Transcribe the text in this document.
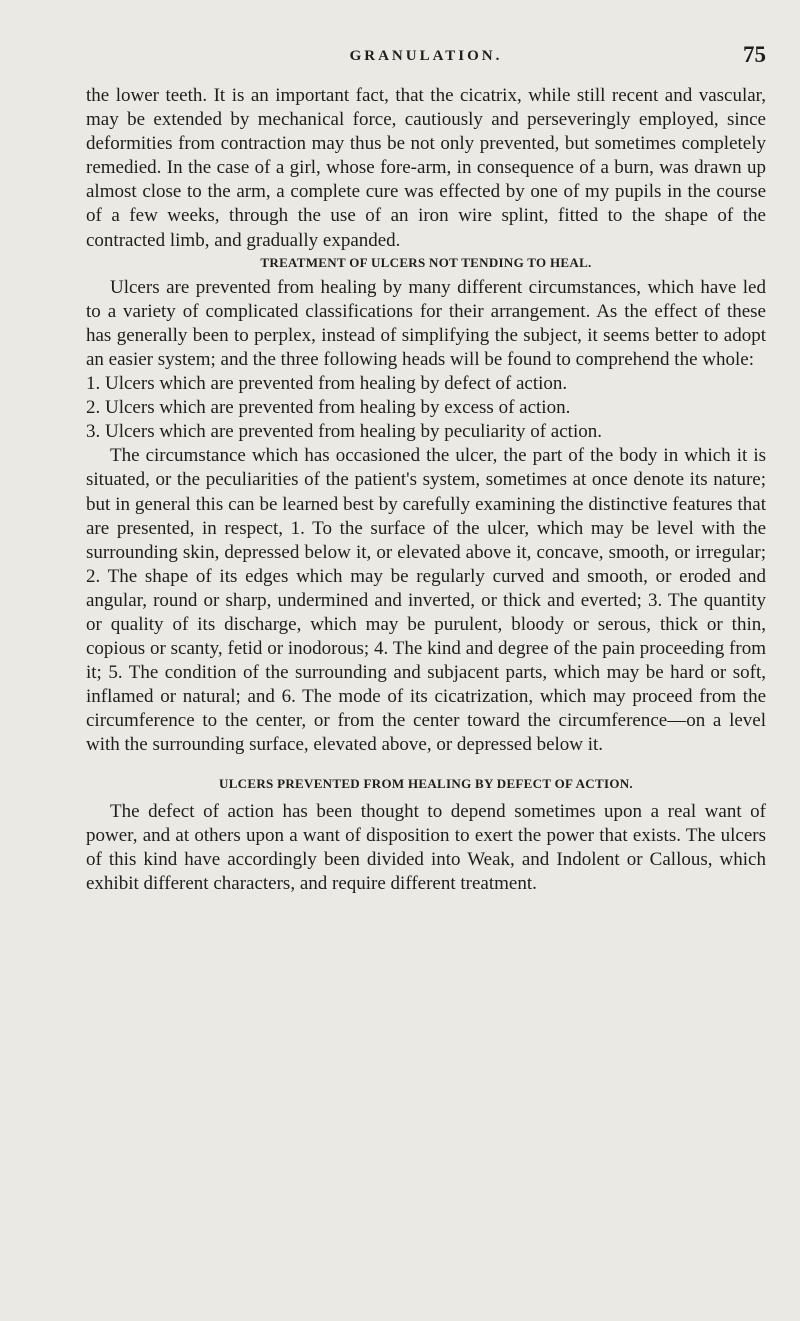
GRANULATION.	75

the lower teeth. It is an important fact, that the cicatrix, while still recent and vascular, may be extended by mechanical force, cautiously and perseveringly employed, since deformities from contraction may thus be not only prevented, but sometimes completely remedied. In the case of a girl, whose fore-arm, in consequence of a burn, was drawn up almost close to the arm, a complete cure was effected by one of my pupils in the course of a few weeks, through the use of an iron wire splint, fitted to the shape of the contracted limb, and gradually expanded.

TREATMENT OF ULCERS NOT TENDING TO HEAL.

Ulcers are prevented from healing by many different circumstances, which have led to a variety of complicated classifications for their arrangement. As the effect of these has generally been to perplex, instead of simplifying the subject, it seems better to adopt an easier system; and the three following heads will be found to comprehend the whole:

1. Ulcers which are prevented from healing by defect of action.

2. Ulcers which are prevented from healing by excess of action.

3. Ulcers which are prevented from healing by peculiarity of action.

The circumstance which has occasioned the ulcer, the part of the body in which it is situated, or the peculiarities of the patient's system, sometimes at once denote its nature; but in general this can be learned best by carefully examining the distinctive features that are presented, in respect, 1. To the surface of the ulcer, which may be level with the surrounding skin, depressed below it, or elevated above it, concave, smooth, or irregular; 2. The shape of its edges which may be regularly curved and smooth, or eroded and angular, round or sharp, undermined and inverted, or thick and everted; 3. The quantity or quality of its discharge, which may be purulent, bloody or serous, thick or thin, copious or scanty, fetid or inodorous; 4. The kind and degree of the pain proceeding from it; 5. The condition of the surrounding and subjacent parts, which may be hard or soft, inflamed or natural; and 6. The mode of its cicatrization, which may proceed from the circumference to the center, or from the center toward the circumference—on a level with the surrounding surface, elevated above, or depressed below it.

ULCERS PREVENTED FROM HEALING BY DEFECT OF ACTION.

The defect of action has been thought to depend sometimes upon a real want of power, and at others upon a want of disposition to exert the power that exists. The ulcers of this kind have accordingly been divided into Weak, and Indolent or Callous, which exhibit different characters, and require different treatment.
